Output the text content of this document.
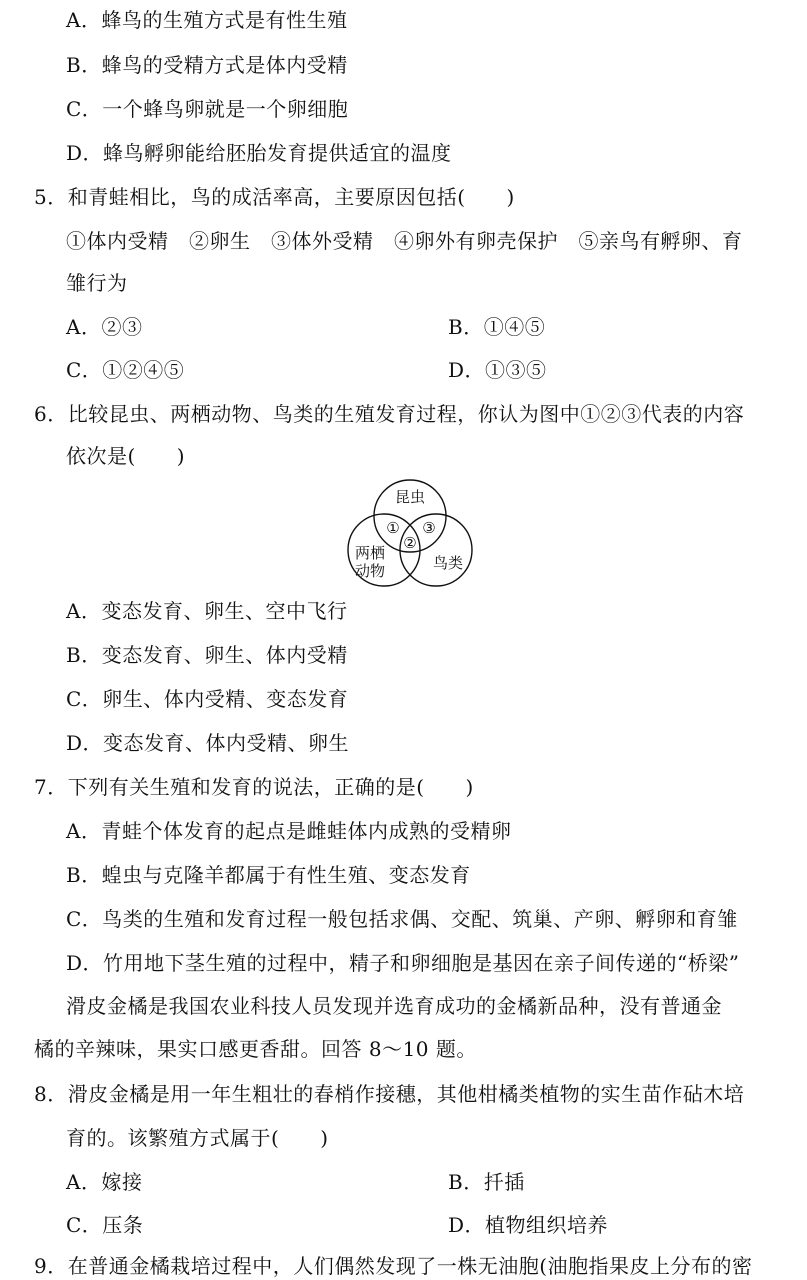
A．蜂鸟的生殖方式是有性生殖
B．蜂鸟的受精方式是体内受精
C．一个蜂鸟卵就是一个卵细胞
D．蜂鸟孵卵能给胚胎发育提供适宜的温度
5．和青蛙相比，鸟的成活率高，主要原因包括(　　)
①体内受精　②卵生　③体外受精　④卵外有卵壳保护　⑤亲鸟有孵卵、育
雏行为
A．②③	B．①④⑤
C．①②④⑤	D．①③⑤
6．比较昆虫、两栖动物、鸟类的生殖发育过程，你认为图中①②③代表的内容
依次是(　　)
昆虫
两栖
动物	鸟类
①
②
③
A．变态发育、卵生、空中飞行
B．变态发育、卵生、体内受精
C．卵生、体内受精、变态发育
D．变态发育、体内受精、卵生
7．下列有关生殖和发育的说法，正确的是(　　)
A．青蛙个体发育的起点是雌蛙体内成熟的受精卵
B．蝗虫与克隆羊都属于有性生殖、变态发育
C．鸟类的生殖和发育过程一般包括求偶、交配、筑巢、产卵、孵卵和育雏
D．竹用地下茎生殖的过程中，精子和卵细胞是基因在亲子间传递的“桥梁”
滑皮金橘是我国农业科技人员发现并选育成功的金橘新品种，没有普通金
橘的辛辣味，果实口感更香甜。回答 8～10 题。
8．滑皮金橘是用一年生粗壮的春梢作接穗，其他柑橘类植物的实生苗作砧木培
育的。该繁殖方式属于(　　)
A．嫁接	B．扦插
C．压条	D．植物组织培养
9．在普通金橘栽培过程中，人们偶然发现了一株无油胞(油胞指果皮上分布的密
